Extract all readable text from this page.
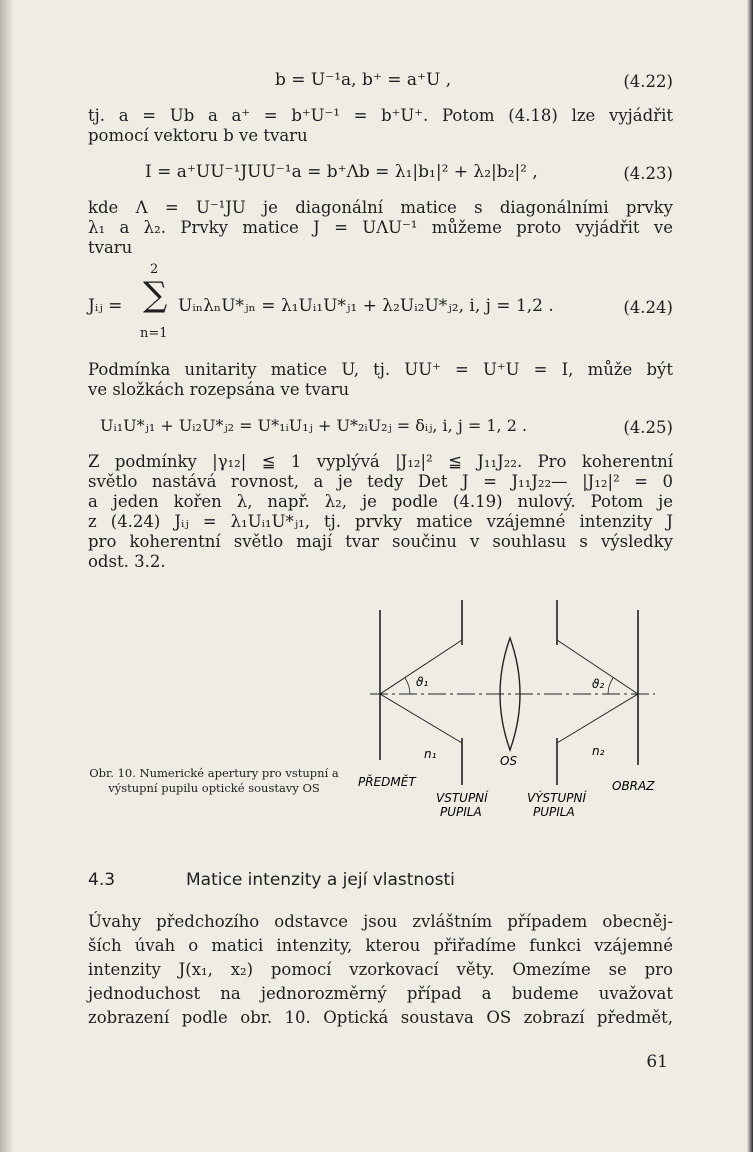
b = U⁻¹a, b⁺ = a⁺U ,	(4.22)
tj. a = Ub a a⁺ = b⁺U⁻¹ = b⁺U⁺. Potom (4.18) lze vyjádřit
pomocí vektoru b ve tvaru
I = a⁺UU⁻¹JUU⁻¹a = b⁺Λb = λ₁|b₁|² + λ₂|b₂|² ,	(4.23)
kde Λ = U⁻¹JU je diagonální matice s diagonálními prvky
λ₁ a λ₂. Prvky matice J = UΛU⁻¹ můžeme proto vyjádřit ve
tvaru
Jᵢⱼ =
2
∑
n=1
UᵢₙλₙU*ⱼₙ = λ₁Uᵢ₁U*ⱼ₁ + λ₂Uᵢ₂U*ⱼ₂, i, j = 1,2 .	(4.24)
Podmínka unitarity matice U, tj. UU⁺ = U⁺U = I, může být
ve složkách rozepsána ve tvaru
Uᵢ₁U*ⱼ₁ + Uᵢ₂U*ⱼ₂ = U*₁ᵢU₁ⱼ + U*₂ᵢU₂ⱼ = δᵢⱼ, i, j = 1, 2 .	(4.25)
Z podmínky |γ₁₂| ≦ 1 vyplývá |J₁₂|² ≦ J₁₁J₂₂. Pro koherentní
světlo nastává rovnost, a je tedy Det J = J₁₁J₂₂— |J₁₂|² = 0
a jeden kořen λ, např. λ₂, je podle (4.19) nulový. Potom je
z (4.24) Jᵢⱼ = λ₁Uᵢ₁U*ⱼ₁, tj. prvky matice vzájemné intenzity J
pro koherentní světlo mají tvar součinu v souhlasu s výsledky
odst. 3.2.
ϑ₁	ϑ₂
n₁	n₂
OS
PŘEDMĚT
VSTUPNÍ
PUPILA
VÝSTUPNÍ
PUPILA
OBRAZ
Obr. 10. Numerické apertury pro vstupní a výstupní pupilu optické soustavy OS
4.3	Matice intenzity a její vlastnosti
Úvahy předchozího odstavce jsou zvláštním případem obecněj-
ších úvah o matici intenzity, kterou přiřadíme funkci vzájemné
intenzity J(x₁, x₂) pomocí vzorkovací věty. Omezíme se pro
jednoduchost na jednorozměrný případ a budeme uvažovat
zobrazení podle obr. 10. Optická soustava OS zobrazí předmět,
61
